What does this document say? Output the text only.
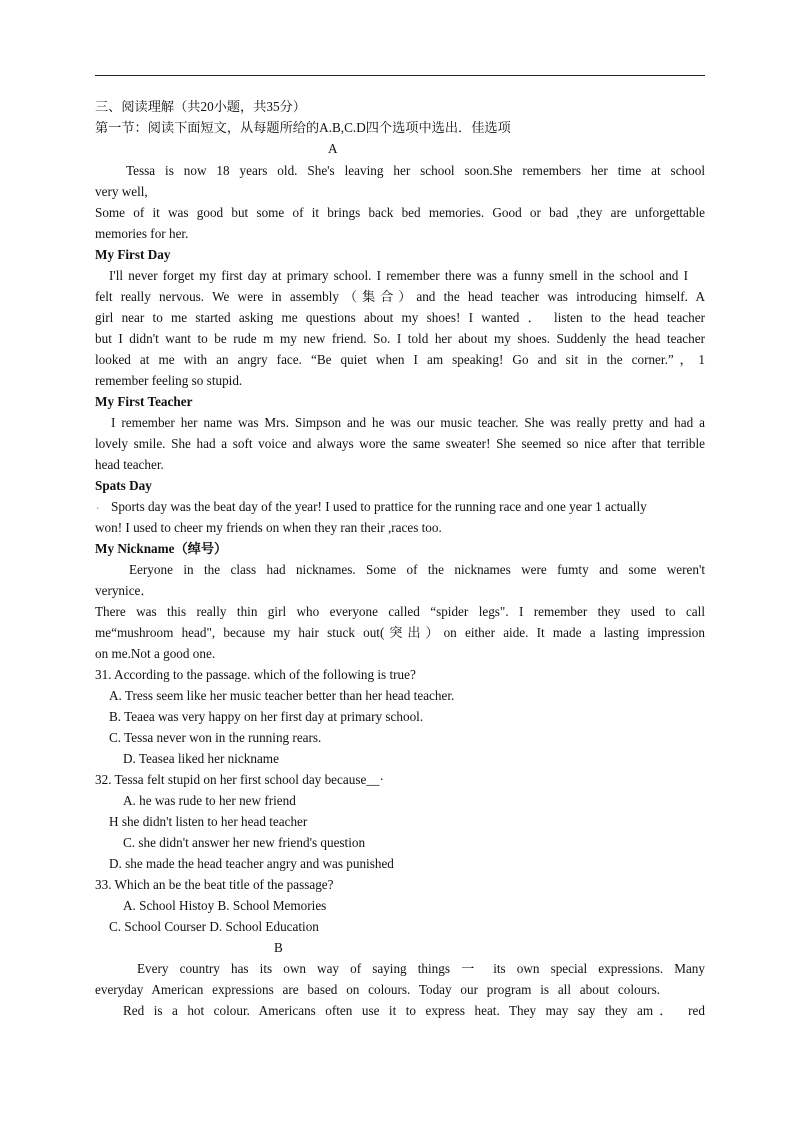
三、阅读理解（共20小题，共35分）
第一节：阅读下面短文，从每题所给的A.B,C.D四个选项中选出．佳选项
A
Tessa is now 18 years old. She's leaving her school soon.She remembers her time at school
very well,
Some of it was good but some of it brings back bed memories. Good or bad ,they are unforgettable
memories for her.
My First Day
I'll never forget my first day at primary school. I remember there was a funny smell in the school and I
felt really nervous. We were in assembly（集合）and the head teacher was introducing himself. A
girl near to me started asking me questions about my shoes! I wanted ． listen to the head teacher
but I didn't want to be rude m my new friend. So. I told her about my shoes. Suddenly the head teacher
looked at me with an angry face. “Be quiet when I am speaking! Go and sit in the corner.”，1
remember feeling so stupid.
My First Teacher
I remember her name was Mrs. Simpson and he was our music teacher. She was really pretty and had a
lovely smile. She had a soft voice and always wore the same sweater! She seemed so nice after that terrible
head teacher.
Spats Day
. Sports day was the beat day of the year! I used to prattice for the running race and one year 1 actually
won! I used to cheer my friends on when they ran their ,races too.
My Nickname（绰号）
Eeryone in the class had nicknames. Some of the nicknames were fumty and some weren't
verynice．
There was this really thin girl who everyone called “spider legs". I remember they used to call
me“mushroom head", because my hair stuck out(突出）on either aide. It made a lasting impression
on me.Not a good one.
31. According to the passage. which of the following is true?
A. Tress seem like her music teacher better than her head teacher.
B. Teaea was very happy on her first day at primary school.
C. Tessa never won in the running rears.
D. Teasea liked her nickname
32. Tessa felt stupid on her first school day because__·
A. he was rude to her new friend
H she didn't listen to her head teacher
C. she didn't answer her new friend's question
D. she made the head teacher angry and was punished
33. Which an be the beat title of the passage?
A. School Histoy B. School Memories
C. School Courser D. School Education
B
Every country has its own way of saying things 一 its own special expressions. Many
everyday American expressions are based on colours. Today our program is all about colours.
Red is a hot colour. Americans often use it to express heat. They may say they am． red
